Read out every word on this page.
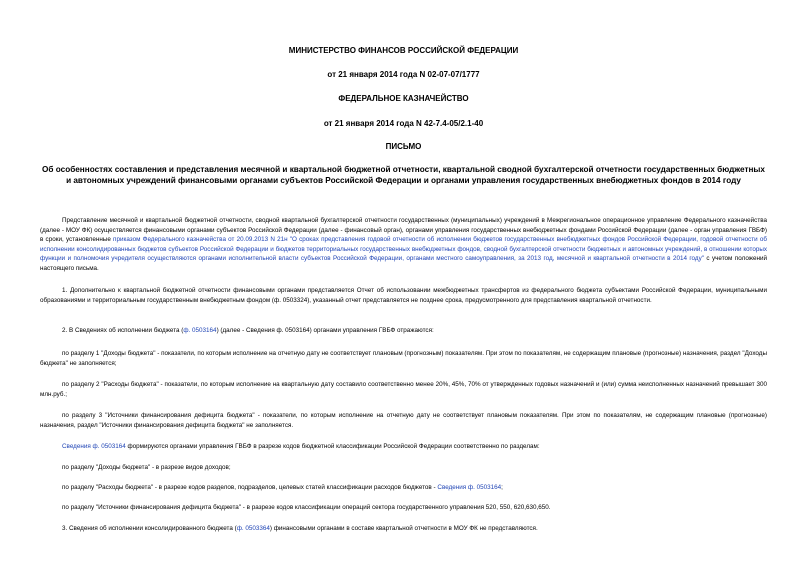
МИНИСТЕРСТВО ФИНАНСОВ РОССИЙСКОЙ ФЕДЕРАЦИИ
от 21 января 2014 года N 02-07-07/1777
ФЕДЕРАЛЬНОЕ КАЗНАЧЕЙСТВО
от 21 января 2014 года N 42-7.4-05/2.1-40
ПИСЬМО
Об особенностях составления и представления месячной и квартальной бюджетной отчетности, квартальной сводной бухгалтерской отчетности государственных бюджетных и автономных учреждений финансовыми органами субъектов Российской Федерации и органами управления государственных внебюджетных фондов в 2014 году
Представление месячной и квартальной бюджетной отчетности, сводной квартальной бухгалтерской отчетности государственных (муниципальных) учреждений в Межрегиональное операционное управление Федерального казначейства (далее - МОУ ФК) осуществляется финансовыми органами субъектов Российской Федерации (далее - финансовый орган), органами управления государственных внебюджетных фондами Российской Федерации (далее - орган управления ГВБФ) в сроки, установленные приказом Федерального казначейства от 20.09.2013 N 21н "О сроках представления годовой отчетности об исполнении бюджетов государственных внебюджетных фондов Российской Федерации, годовой отчетности об исполнении консолидированных бюджетов субъектов Российской Федерации и бюджетов территориальных государственных внебюджетных фондов, сводной бухгалтерской отчетности бюджетных и автономных учреждений, в отношении которых функции и полномочия учредителя осуществляются органами исполнительной власти субъектов Российской Федерации, органами местного самоуправления, за 2013 год, месячной и квартальной отчетности в 2014 году" с учетом положений настоящего письма.
1. Дополнительно к квартальной бюджетной отчетности финансовыми органами представляется Отчет об использовании межбюджетных трансфертов из федерального бюджета субъектами Российской Федерации, муниципальными образованиями и территориальным государственным внебюджетным фондом (ф. 0503324), указанный отчет представляется не позднее срока, предусмотренного для представления квартальной отчетности.
2. В Сведениях об исполнении бюджета (ф. 0503164) (далее - Сведения ф. 0503164) органами управления ГВБФ отражаются:
по разделу 1 "Доходы бюджета" - показатели, по которым исполнение на отчетную дату не соответствует плановым (прогнозным) показателям. При этом по показателям, не содержащим плановые (прогнозные) назначения, раздел "Доходы бюджета" не заполняется;
по разделу 2 "Расходы бюджета" - показатели, по которым исполнение на квартальную дату составило соответственно менее 20%, 45%, 70% от утвержденных годовых назначений и (или) сумма неисполненных назначений превышает 300 млн.руб.;
по разделу 3 "Источники финансирования дефицита бюджета" - показатели, по которым исполнение на отчетную дату не соответствует плановым показателям. При этом по показателям, не содержащим плановые (прогнозные) назначения, раздел "Источники финансирования дефицита бюджета" не заполняется.
Сведения ф. 0503164 формируются органами управления ГВБФ в разрезе кодов бюджетной классификации Российской Федерации соответственно по разделам:
по разделу "Доходы бюджета" - в разрезе видов доходов;
по разделу "Расходы бюджета" - в разрезе кодов разделов, подразделов, целевых статей классификации расходов бюджетов - Сведения ф. 0503164;
по разделу "Источники финансирования дефицита бюджета" - в разрезе кодов классификации операций сектора государственного управления 520, 550, 620,630,650.
3. Сведения об исполнении консолидированного бюджета (ф. 0503364) финансовыми органами в составе квартальной отчетности в МОУ ФК не представляются.
